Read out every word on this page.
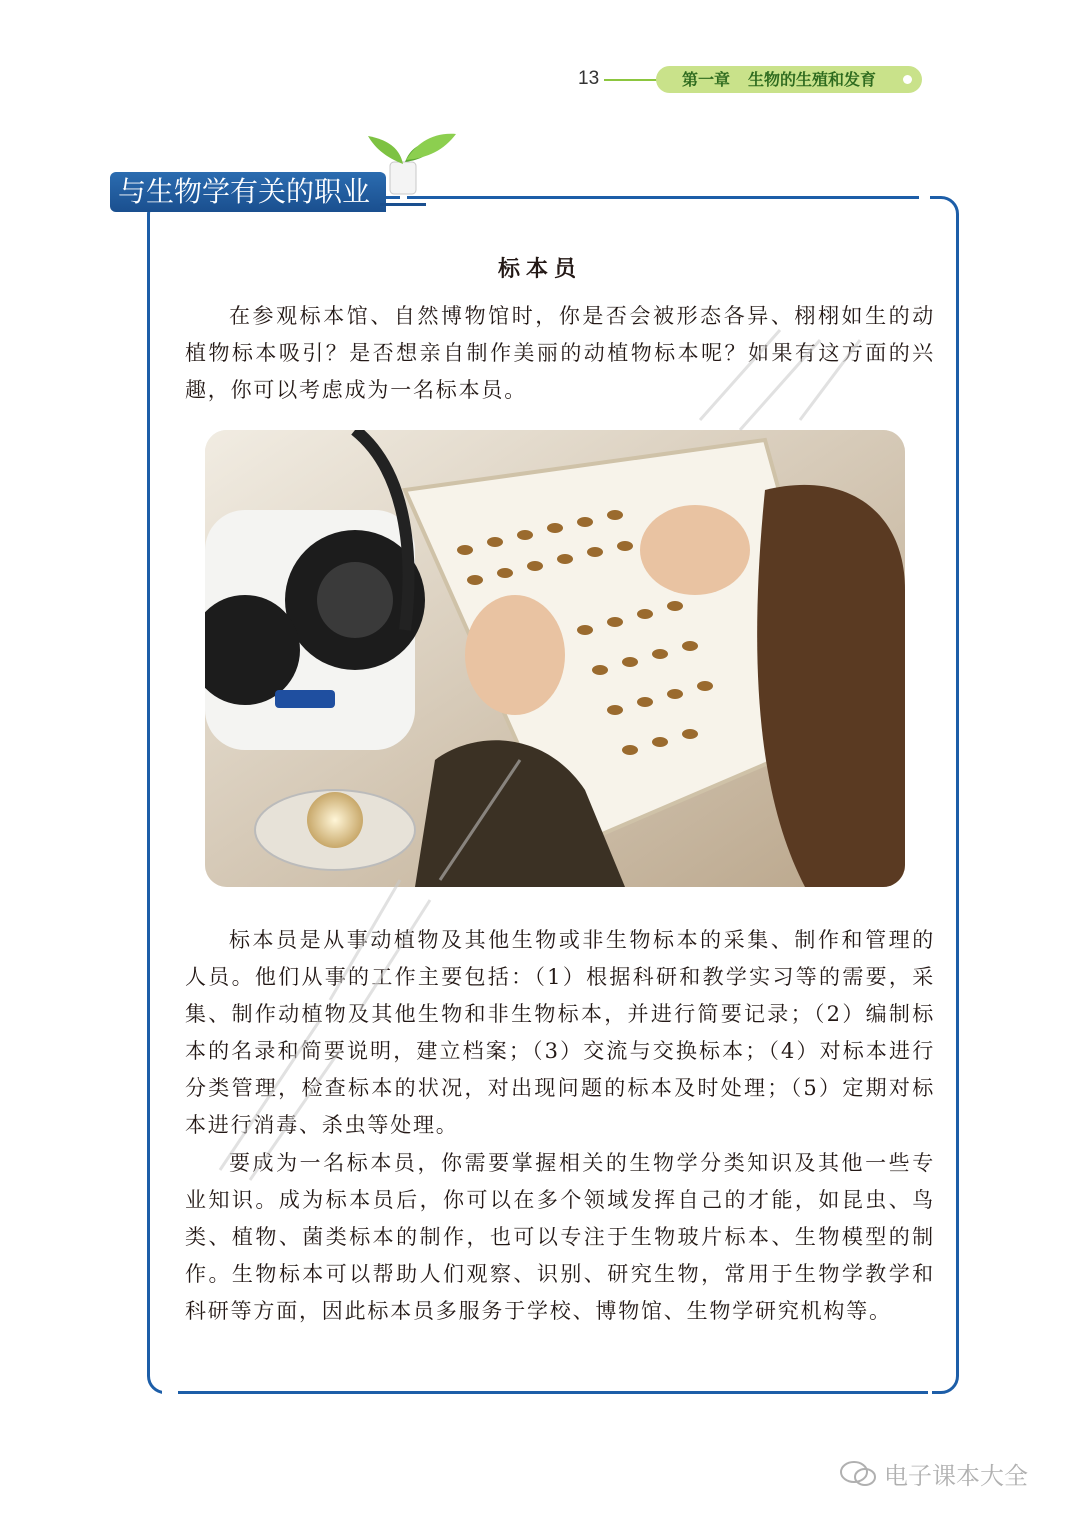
13	第一章 生物的生殖和发育
与生物学有关的职业
标本员

在参观标本馆、自然博物馆时，你是否会被形态各异、栩栩如生的动植物标本吸引？是否想亲自制作美丽的动植物标本呢？如果有这方面的兴趣，你可以考虑成为一名标本员。

标本员是从事动植物及其他生物或非生物标本的采集、制作和管理的人员。他们从事的工作主要包括：（1）根据科研和教学实习等的需要，采集、制作动植物及其他生物和非生物标本，并进行简要记录；（2）编制标本的名录和简要说明，建立档案；（3）交流与交换标本；（4）对标本进行分类管理，检查标本的状况，对出现问题的标本及时处理；（5）定期对标本进行消毒、杀虫等处理。

要成为一名标本员，你需要掌握相关的生物学分类知识及其他一些专业知识。成为标本员后，你可以在多个领域发挥自己的才能，如昆虫、鸟类、植物、菌类标本的制作，也可以专注于生物玻片标本、生物模型的制作。生物标本可以帮助人们观察、识别、研究生物，常用于生物学教学和科研等方面，因此标本员多服务于学校、博物馆、生物学研究机构等。

电子课本大全
